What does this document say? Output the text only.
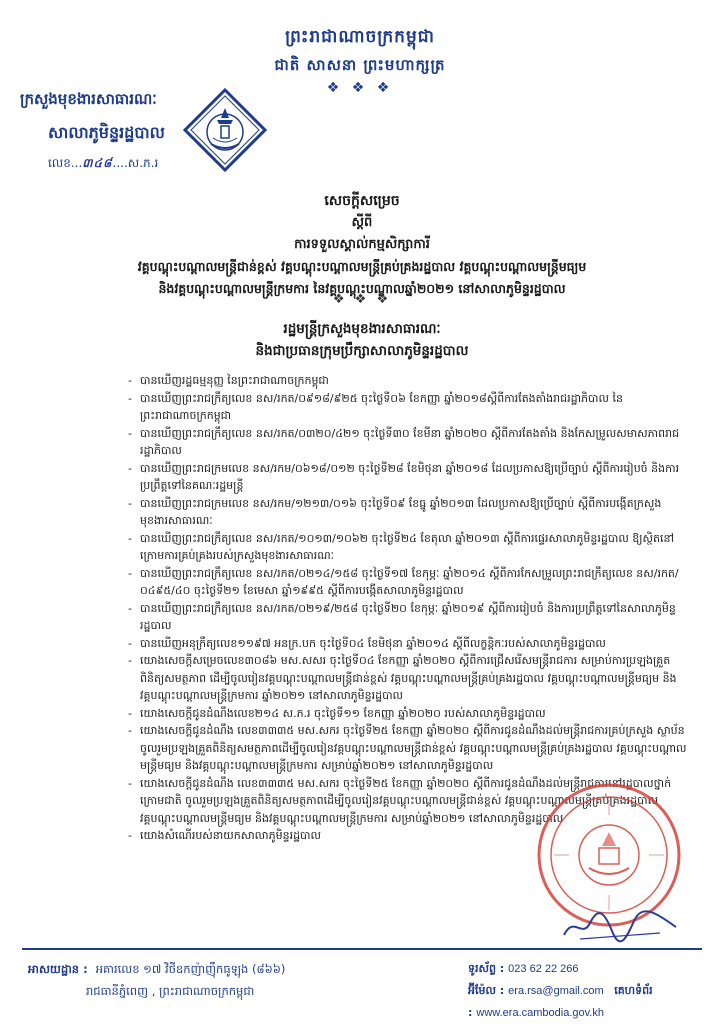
ព្រះរាជាណាចក្រកម្ពុជា
ជាតិ សាសនា ព្រះមហាក្សត្រ
❖ ❖ ❖
ក្រសួងមុខងារសាធារណៈ
សាលាភូមិន្ទរដ្ឋបាល
លេខ...៣៤៨....ស.ភ.រ
សេចក្តីសម្រេច
ស្តីពី
ការទទួលស្គាល់កម្មសិក្សាការី
វគ្គបណ្តុះបណ្តាលមន្ត្រីជាន់ខ្ពស់ វគ្គបណ្តុះបណ្តាលមន្ត្រីគ្រប់គ្រងរដ្ឋបាល វគ្គបណ្តុះបណ្តាលមន្ត្រីមធ្យម
និងវគ្គបណ្តុះបណ្តាលមន្ត្រីក្រមការ នៃវគ្គបណ្តុះបណ្តាលឆ្នាំ២០២១ នៅសាលាភូមិន្ទរដ្ឋបាល
❖ ❖ ❖
រដ្ឋមន្ត្រីក្រសួងមុខងារសាធារណៈ
និងជាប្រធានក្រុមប្រឹក្សាសាលាភូមិន្ទរដ្ឋបាល
- បានឃើញរដ្ឋធម្មនុញ្ញ នៃព្រះរាជាណាចក្រកម្ពុជា
- បានឃើញព្រះរាជក្រឹត្យលេខ នស/រកត/០៩១៨/៩២៥ ចុះថ្ងៃទី០៦ ខែកញ្ញា ឆ្នាំ២០១៨ស្តីពីការតែងតាំងរាជរដ្ឋាភិបាល នៃព្រះរាជាណាចក្រកម្ពុជា
- បានឃើញព្រះរាជក្រឹត្យលេខ នស/រកត/០៣២០/៤២១ ចុះថ្ងៃទី៣០ ខែមីនា ឆ្នាំ២០២០ ស្តីពីការតែងតាំង និងកែសម្រួលសមាសភាពរាជរដ្ឋាភិបាល
- បានឃើញព្រះរាជក្រមលេខ នស/រកម/០៦១៨/០១២ ចុះថ្ងៃទី២៨ ខែមិថុនា ឆ្នាំ២០១៨ ដែលប្រកាសឱ្យប្រើច្បាប់ ស្តីពីការរៀបចំ និងការប្រព្រឹត្តទៅនៃគណៈរដ្ឋមន្ត្រី
- បានឃើញព្រះរាជក្រមលេខ នស/រកម/១២១៣/០១៦ ចុះថ្ងៃទី០៩ ខែធ្នូ ឆ្នាំ២០១៣ ដែលប្រកាសឱ្យប្រើច្បាប់ ស្តីពីការបង្កើតក្រសួងមុខងារសាធារណៈ
- បានឃើញព្រះរាជក្រឹត្យលេខ នស/រកត/១០១៣/១០៦២ ចុះថ្ងៃទី២៤ ខែតុលា ឆ្នាំ២០១៣ ស្តីពីការផ្ទេរសាលាភូមិន្ទរដ្ឋបាល ឱ្យស្ថិតនៅក្រោមការគ្រប់គ្រងរបស់ក្រសួងមុខងារសាធារណៈ
- បានឃើញព្រះរាជក្រឹត្យលេខ នស/រកត/០២១៤/១៥៨ ចុះថ្ងៃទី១៧ ខែកុម្ភៈ ឆ្នាំ២០១៤ ស្តីពីការកែសម្រួលព្រះរាជក្រឹត្យលេខ នស/រកត/០៤៩៥/៤០ ចុះថ្ងៃទី២១ ខែមេសា ឆ្នាំ១៩៩៥ ស្តីពីការបង្កើតសាលាភូមិន្ទរដ្ឋបាល
- បានឃើញព្រះរាជក្រឹត្យលេខ នស/រកត/០២១៩/២៥៨ ចុះថ្ងៃទី២០ ខែកុម្ភៈ ឆ្នាំ២០១៩ ស្តីពីការរៀបចំ និងការប្រព្រឹត្តទៅនៃសាលាភូមិន្ទរដ្ឋបាល
- បានឃើញអនុក្រឹត្យលេខ១១៩៧ អនក្រ.បក ចុះថ្ងៃទី០៤ ខែមិថុនា ឆ្នាំ២០១៤ ស្តីពីលក្ខន្តិកៈរបស់សាលាភូមិន្ទរដ្ឋបាល
- យោងសេចក្តីសម្រេចលេខ៣០៨៦ មស.សសរ ចុះថ្ងៃទី០៤ ខែកញ្ញា ឆ្នាំ២០២០ ស្តីពីការជ្រើសរើសមន្ត្រីរាជការ សម្រាប់ការប្រឡងគ្រួតពិនិត្យសមត្ថភាព ដើម្បីចូលរៀនវគ្គបណ្តុះបណ្តាលមន្ត្រីជាន់ខ្ពស់ វគ្គបណ្តុះបណ្តាលមន្ត្រីគ្រប់គ្រងរដ្ឋបាល វគ្គបណ្តុះបណ្តាលមន្ត្រីមធ្យម និងវគ្គបណ្តុះបណ្តាលមន្ត្រីក្រមការ ឆ្នាំ២០២១ នៅសាលាភូមិន្ទរដ្ឋបាល
- យោងសេចក្តីជូនដំណឹងលេខ២១៤ ស.ភ.រ ចុះថ្ងៃទី១១ ខែកញ្ញា ឆ្នាំ២០២០ របស់សាលាភូមិន្ទរដ្ឋបាល
- យោងសេចក្តីជូនដំណឹង លេខ៣៣៣៥ មស.សករ ចុះថ្ងៃទី២៥ ខែកញ្ញា ឆ្នាំ២០២០ ស្តីពីការជូនដំណឹងដល់មន្ត្រីរាជការគ្រប់ក្រសួង ស្ថាប័ន ចូលរួមប្រឡងគ្រួតពិនិត្យសមត្ថភាពដើម្បីចូលរៀនវគ្គបណ្តុះបណ្តាលមន្ត្រីជាន់ខ្ពស់ វគ្គបណ្តុះបណ្តាលមន្ត្រីគ្រប់គ្រងរដ្ឋបាល វគ្គបណ្តុះបណ្តាលមន្ត្រីមធ្យម និងវគ្គបណ្តុះបណ្តាលមន្ត្រីក្រមការ សម្រាប់ឆ្នាំ២០២១ នៅសាលាភូមិន្ទរដ្ឋបាល
- យោងសេចក្តីជូនដំណឹង លេខ៣៣៣៥ មស.សករ ចុះថ្ងៃទី២៥ ខែកញ្ញា ឆ្នាំ២០២០ ស្តីពីការជូនដំណឹងដល់មន្ត្រីរាជការនៅរដ្ឋបាលថ្នាក់ក្រោមជាតិ ចូលរួមប្រឡងគ្រួតពិនិត្យសមត្ថភាពដើម្បីចូលរៀនវគ្គបណ្តុះបណ្តាលមន្ត្រីជាន់ខ្ពស់ វគ្គបណ្តុះបណ្តាលមន្ត្រីគ្រប់គ្រងរដ្ឋបាល វគ្គបណ្តុះបណ្តាលមន្ត្រីមធ្យម និងវគ្គបណ្តុះបណ្តាលមន្ត្រីក្រមការ សម្រាប់ឆ្នាំ២០២១ នៅសាលាភូមិន្ទរដ្ឋបាល
- យោងសំណើរបស់នាយកសាលាភូមិន្ទរដ្ឋបាល
អាសយដ្ឋាន : អគារលេខ ១៧ វិថីឧកញ៉ាញ៉ឹកធូឡុង (៨៦៦)
រាជធានីភ្នំពេញ , ព្រះរាជាណាចក្រកម្ពុជា
ទូរស័ព្ទ : 023 62 22 266
អ៊ីម៉ែល : era.rsa@gmail.com គេហទំព័រ : www.era.cambodia.gov.kh
